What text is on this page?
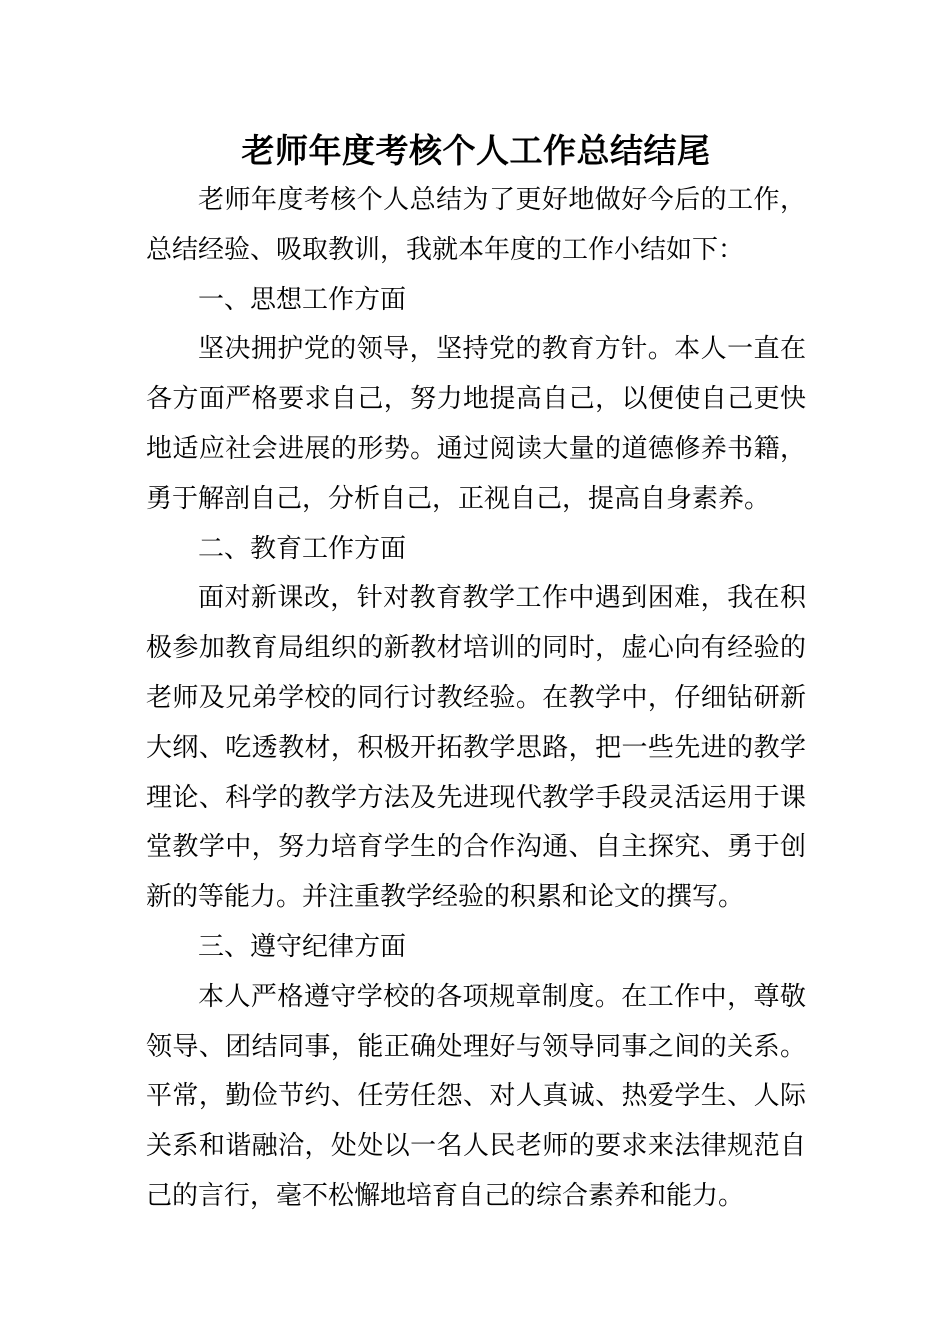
老师年度考核个人工作总结结尾

老师年度考核个人总结为了更好地做好今后的工作，总结经验、吸取教训，我就本年度的工作小结如下：

一、思想工作方面

坚决拥护党的领导，坚持党的教育方针。本人一直在各方面严格要求自己，努力地提高自己，以便使自己更快地适应社会进展的形势。通过阅读大量的道德修养书籍，勇于解剖自己，分析自己，正视自己，提高自身素养。

二、教育工作方面

面对新课改，针对教育教学工作中遇到困难，我在积极参加教育局组织的新教材培训的同时，虚心向有经验的老师及兄弟学校的同行讨教经验。在教学中，仔细钻研新大纲、吃透教材，积极开拓教学思路，把一些先进的教学理论、科学的教学方法及先进现代教学手段灵活运用于课堂教学中，努力培育学生的合作沟通、自主探究、勇于创新的等能力。并注重教学经验的积累和论文的撰写。

三、遵守纪律方面

本人严格遵守学校的各项规章制度。在工作中，尊敬领导、团结同事，能正确处理好与领导同事之间的关系。平常，勤俭节约、任劳任怨、对人真诚、热爱学生、人际关系和谐融洽，处处以一名人民老师的要求来法律规范自己的言行，毫不松懈地培育自己的综合素养和能力。
